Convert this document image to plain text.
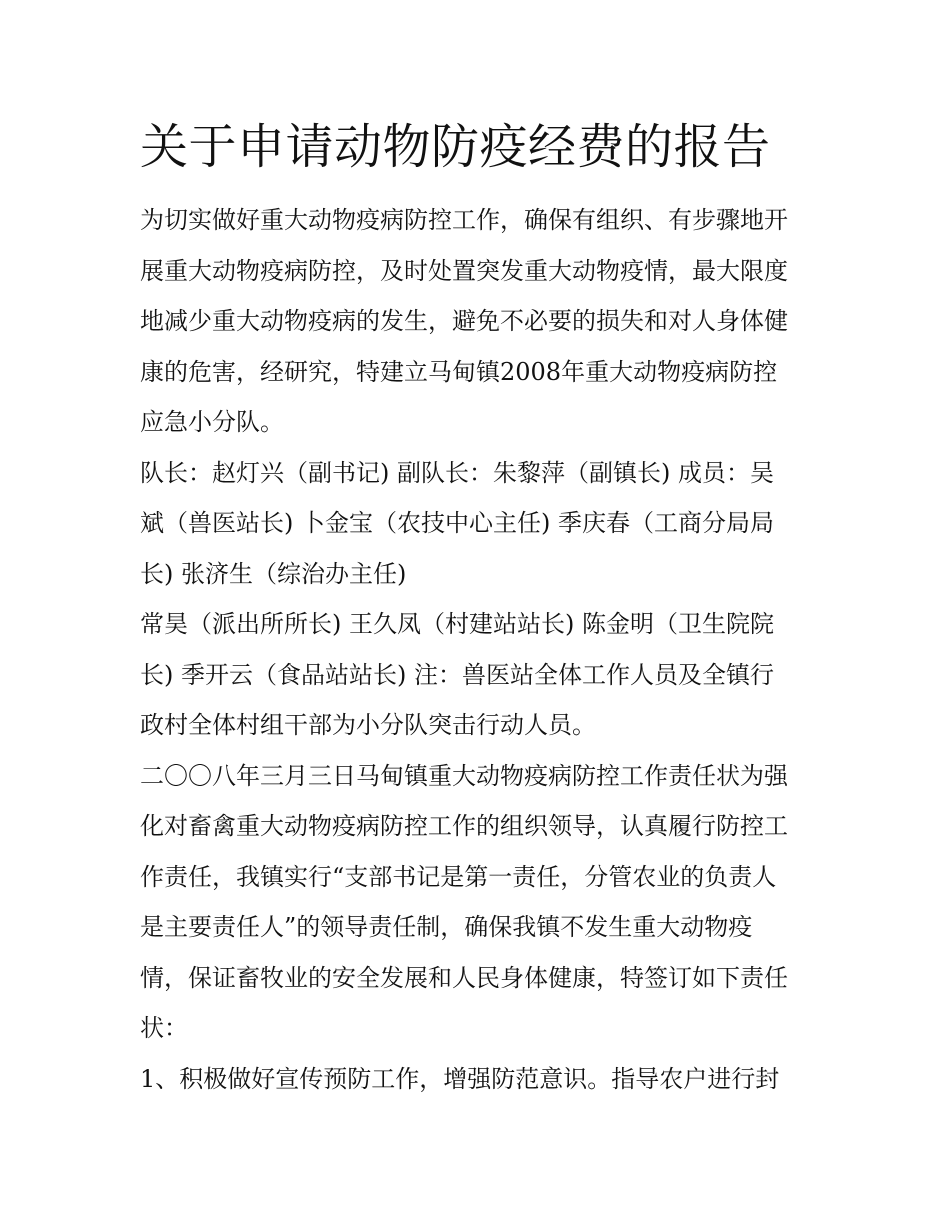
关于申请动物防疫经费的报告
为切实做好重大动物疫病防控工作，确保有组织、有步骤地开
展重大动物疫病防控，及时处置突发重大动物疫情，最大限度
地减少重大动物疫病的发生，避免不必要的损失和对人身体健
康的危害，经研究，特建立马甸镇2008年重大动物疫病防控
应急小分队。
队长：赵灯兴（副书记) 副队长：朱黎萍（副镇长) 成员：吴
斌（兽医站长) 卜金宝（农技中心主任) 季庆春（工商分局局
长) 张济生（综治办主任)
常昊（派出所所长) 王久凤（村建站站长) 陈金明（卫生院院
长) 季开云（食品站站长) 注：兽医站全体工作人员及全镇行
政村全体村组干部为小分队突击行动人员。
二〇〇八年三月三日马甸镇重大动物疫病防控工作责任状为强
化对畜禽重大动物疫病防控工作的组织领导，认真履行防控工
作责任，我镇实行“支部书记是第一责任，分管农业的负责人
是主要责任人”的领导责任制，确保我镇不发生重大动物疫
情，保证畜牧业的安全发展和人民身体健康，特签订如下责任
状：
1、积极做好宣传预防工作，增强防范意识。指导农户进行封
